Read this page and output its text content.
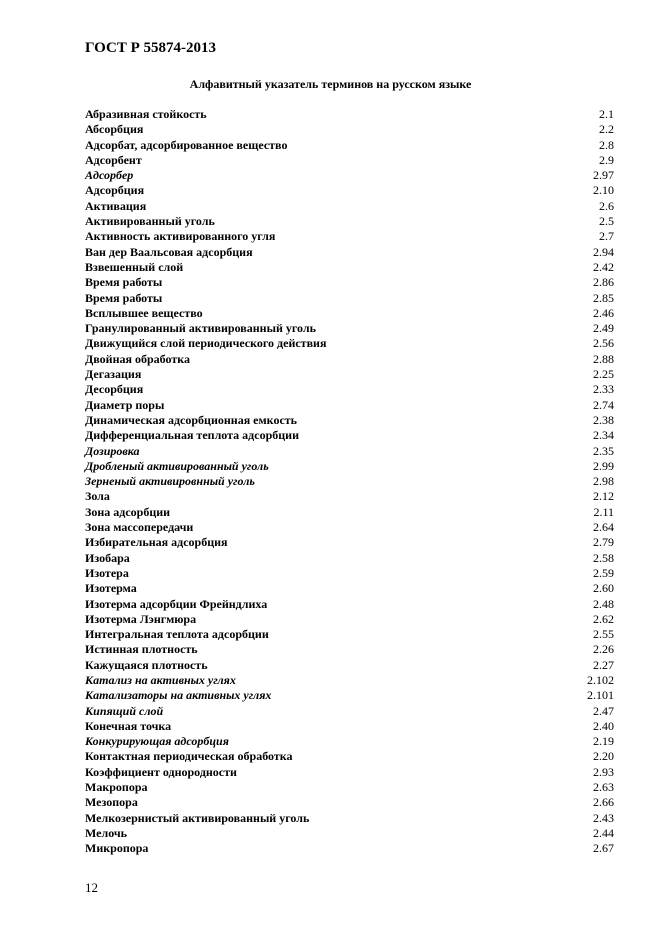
ГОСТ Р 55874-2013
Алфавитный указатель терминов на русском языке
Абразивная стойкость	2.1
Абсорбция	2.2
Адсорбат, адсорбированное вещество	2.8
Адсорбент	2.9
Адсорбер	2.97
Адсорбция	2.10
Активация	2.6
Активированный уголь	2.5
Активность активированного угля	2.7
Ван дер Ваальсовая адсорбция	2.94
Взвешенный слой	2.42
Время работы	2.86
Время работы	2.85
Всплывшее вещество	2.46
Гранулированный активированный уголь	2.49
Движущийся слой периодического действия	2.56
Двойная обработка	2.88
Дегазация	2.25
Десорбция	2.33
Диаметр поры	2.74
Динамическая адсорбционная емкость	2.38
Дифференциальная теплота адсорбции	2.34
Дозировка	2.35
Дробленый активированный уголь	2.99
Зерненый активировнный уголь	2.98
Зола	2.12
Зона адсорбции	2.11
Зона массопередачи	2.64
Избирательная адсорбция	2.79
Изобара	2.58
Изотера	2.59
Изотерма	2.60
Изотерма адсорбции Фрейндлиха	2.48
Изотерма Лэнгмюра	2.62
Интегральная теплота адсорбции	2.55
Истинная плотность	2.26
Кажущаяся плотность	2.27
Катализ на активных углях	2.102
Катализаторы на активных углях	2.101
Кипящий слой	2.47
Конечная точка	2.40
Конкурирующая адсорбция	2.19
Контактная периодическая обработка	2.20
Коэффициент однородности	2.93
Макропора	2.63
Мезопора	2.66
Мелкозернистый активированный уголь	2.43
Мелочь	2.44
Микропора	2.67
12
